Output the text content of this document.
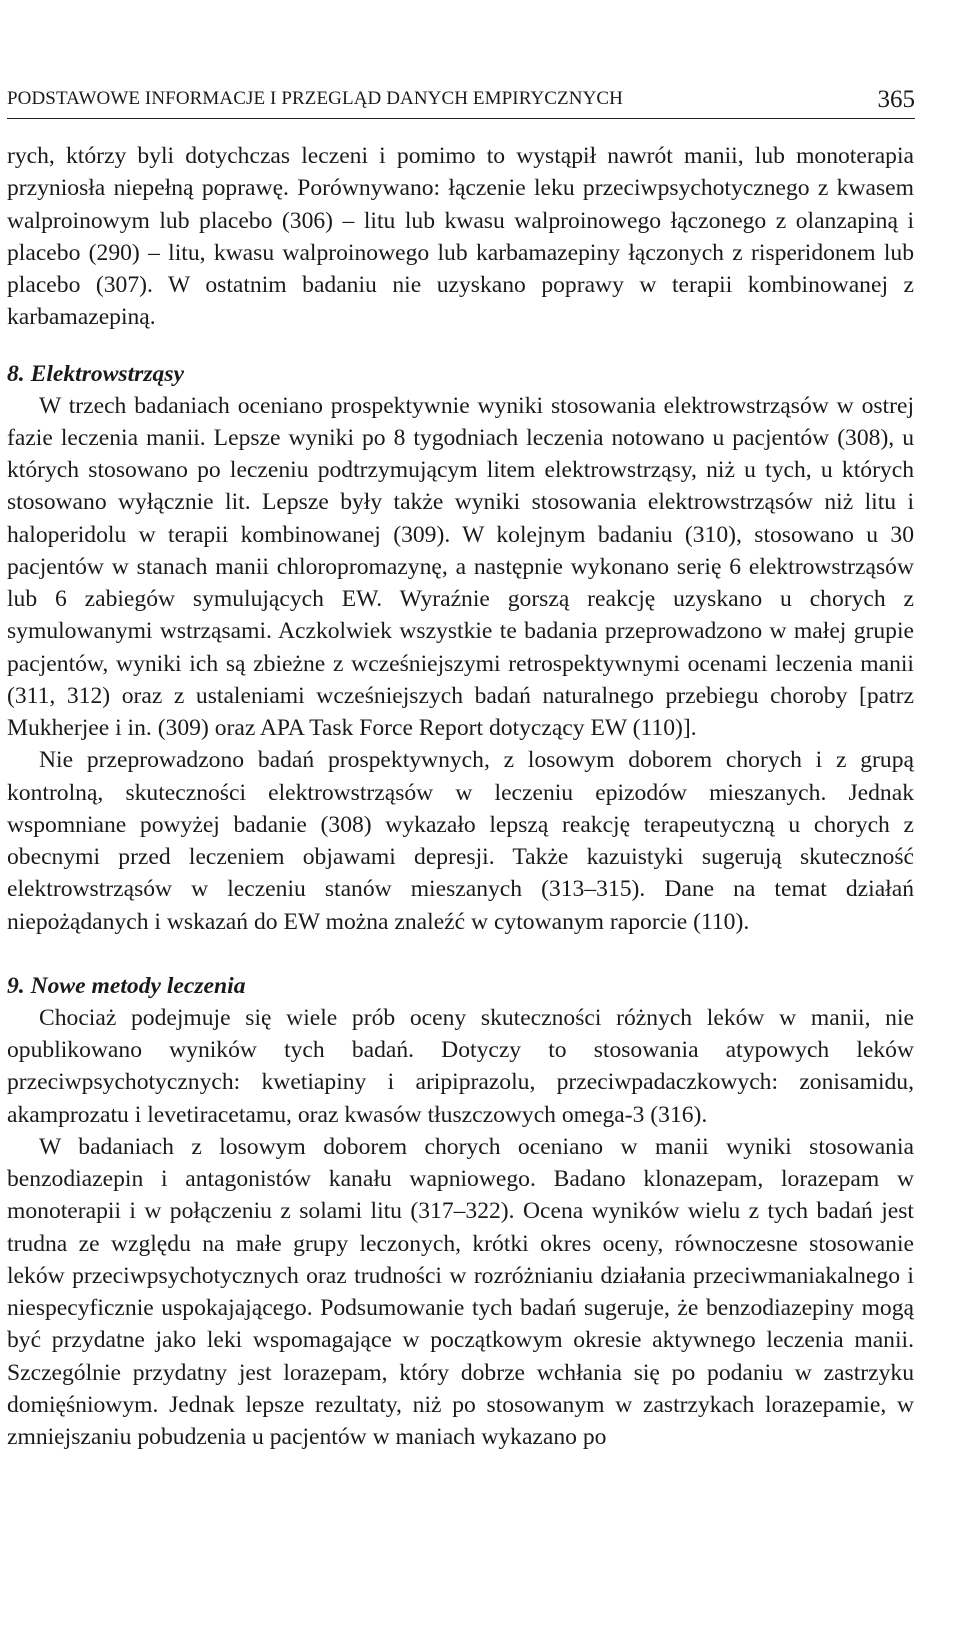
PODSTAWOWE INFORMACJE I PRZEGLĄD DANYCH EMPIRYCZNYCH	365

rych, którzy byli dotychczas leczeni i pomimo to wystąpił nawrót manii, lub monoterapia przyniosła niepełną poprawę. Porównywano: łączenie leku przeciwpsychotycznego z kwasem walproinowym lub placebo (306) – litu lub kwasu walproinowego łączonego z olanzapiną i placebo (290) – litu, kwasu walproinowego lub karbamazepiny łączonych z risperidonem lub placebo (307). W ostatnim badaniu nie uzyskano poprawy w terapii kombinowanej z karbamazepiną.

8. Elektrowstrząsy

W trzech badaniach oceniano prospektywnie wyniki stosowania elektrowstrząsów w ostrej fazie leczenia manii. Lepsze wyniki po 8 tygodniach leczenia notowano u pacjentów (308), u których stosowano po leczeniu podtrzymującym litem elektrowstrząsy, niż u tych, u których stosowano wyłącznie lit. Lepsze były także wyniki stosowania elektrowstrząsów niż litu i haloperidolu w terapii kombinowanej (309). W kolejnym badaniu (310), stosowano u 30 pacjentów w stanach manii chloropromazynę, a następnie wykonano serię 6 elektrowstrząsów lub 6 zabiegów symulujących EW. Wyraźnie gorszą reakcję uzyskano u chorych z symulowanymi wstrząsami. Aczkolwiek wszystkie te badania przeprowadzono w małej grupie pacjentów, wyniki ich są zbieżne z wcześniejszymi retrospektywnymi ocenami leczenia manii (311, 312) oraz z ustaleniami wcześniejszych badań naturalnego przebiegu choroby [patrz Mukherjee i in. (309) oraz APA Task Force Report dotyczący EW (110)].

Nie przeprowadzono badań prospektywnych, z losowym doborem chorych i z grupą kontrolną, skuteczności elektrowstrząsów w leczeniu epizodów mieszanych. Jednak wspomniane powyżej badanie (308) wykazało lepszą reakcję terapeutyczną u chorych z obecnymi przed leczeniem objawami depresji. Także kazuistyki sugerują skuteczność elektrowstrząsów w leczeniu stanów mieszanych (313–315). Dane na temat działań niepożądanych i wskazań do EW można znaleźć w cytowanym raporcie (110).

9. Nowe metody leczenia

Chociaż podejmuje się wiele prób oceny skuteczności różnych leków w manii, nie opublikowano wyników tych badań. Dotyczy to stosowania atypowych leków przeciwpsychotycznych: kwetiapiny i aripiprazolu, przeciwpadaczkowych: zonisamidu, akamprozatu i levetiracetamu, oraz kwasów tłuszczowych omega-3 (316).

W badaniach z losowym doborem chorych oceniano w manii wyniki stosowania benzodiazepin i antagonistów kanału wapniowego. Badano klonazepam, lorazepam w monoterapii i w połączeniu z solami litu (317–322). Ocena wyników wielu z tych badań jest trudna ze względu na małe grupy leczonych, krótki okres oceny, równoczesne stosowanie leków przeciwpsychotycznych oraz trudności w rozróżnianiu działania przeciwmaniakalnego i niespecyficznie uspokajającego. Podsumowanie tych badań sugeruje, że benzodiazepiny mogą być przydatne jako leki wspomagające w początkowym okresie aktywnego leczenia manii. Szczególnie przydatny jest lorazepam, który dobrze wchłania się po podaniu w zastrzyku domięśniowym. Jednak lepsze rezultaty, niż po stosowanym w zastrzykach lorazepamie, w zmniejszaniu pobudzenia u pacjentów w maniach wykazano po
